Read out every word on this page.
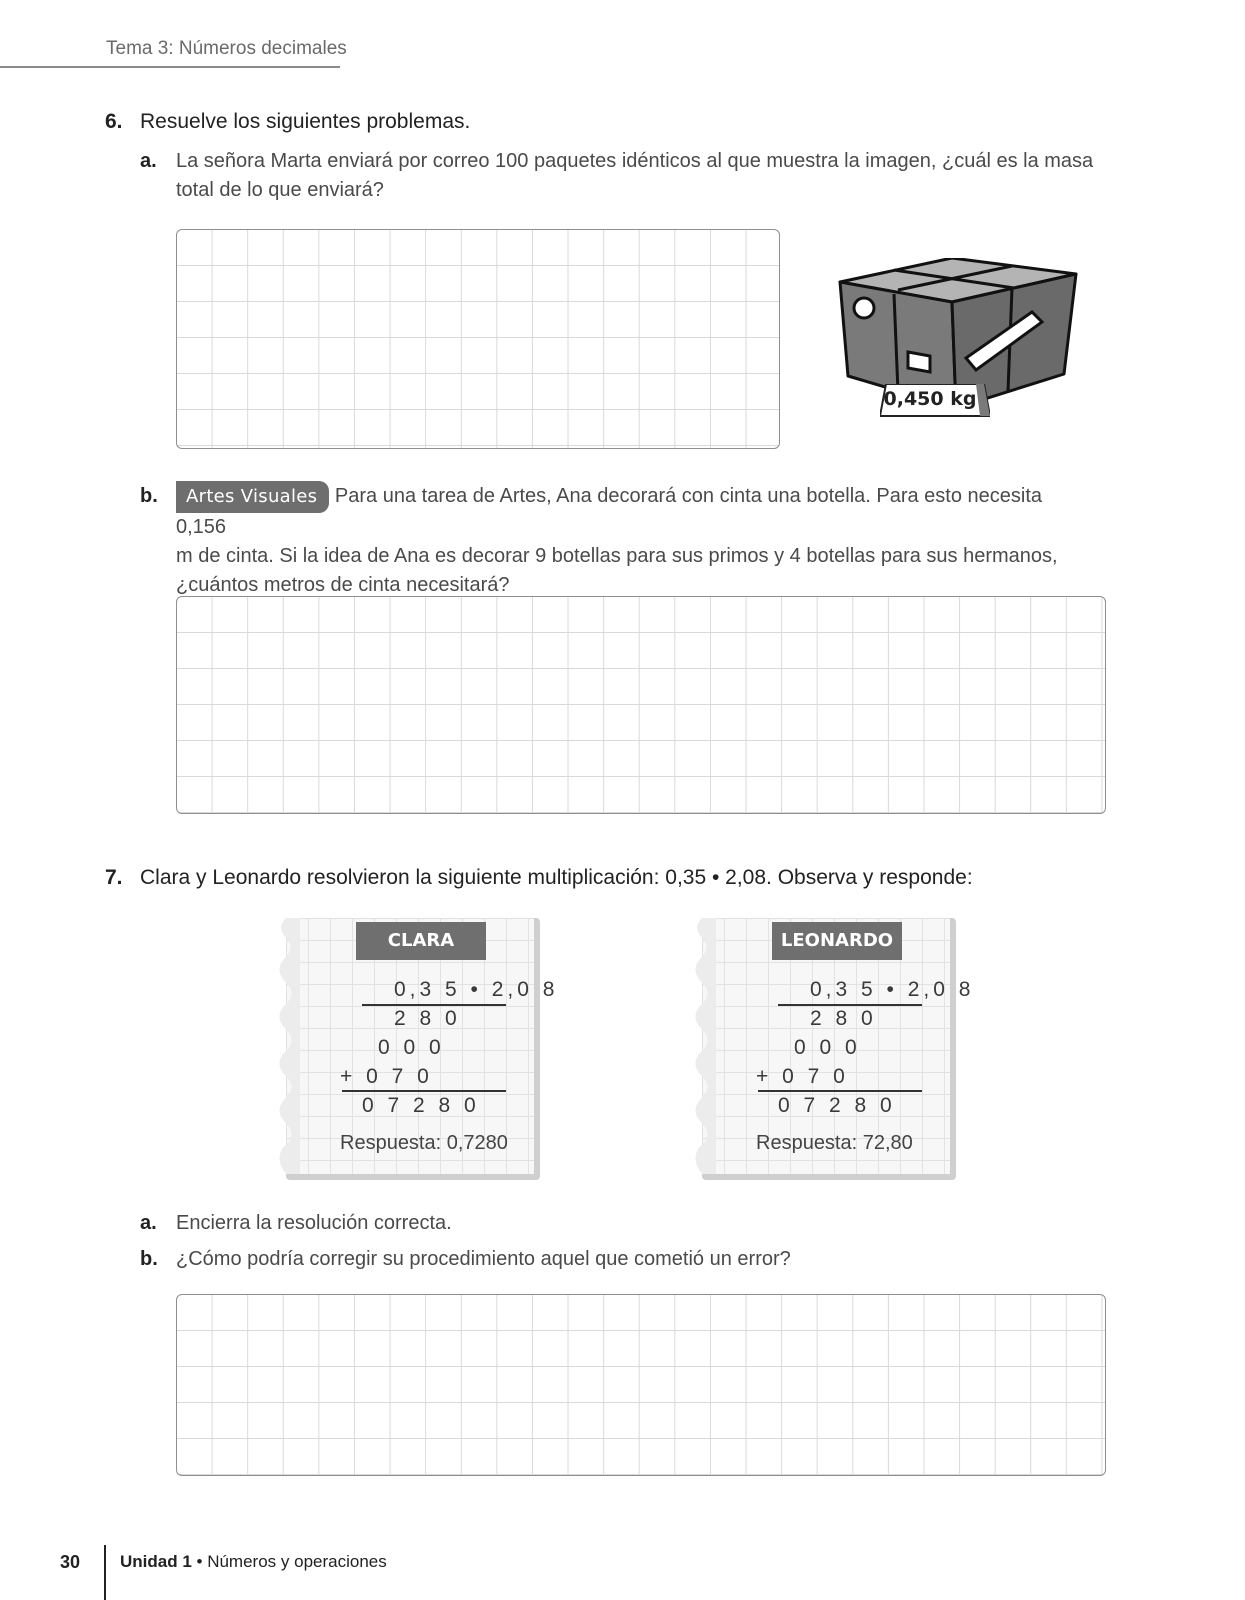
Tema 3: Números decimales
6. Resuelve los siguientes problemas.
a. La señora Marta enviará por correo 100 paquetes idénticos al que muestra la imagen, ¿cuál es la masa
total de lo que enviará?
0,450 kg
b.	Artes Visuales Para una tarea de Artes, Ana decorará con cinta una botella. Para esto necesita 0,156
m de cinta. Si la idea de Ana es decorar 9 botellas para sus primos y 4 botellas para sus hermanos,
¿cuántos metros de cinta necesitará?
7. Clara y Leonardo resolvieron la siguiente multiplicación: 0,35 • 2,08. Observa y responde:
CLARA
0,3 5 • 2,0 8
2 8 0
0 0 0
+ 0 7 0
0 7 2 8 0
Respuesta: 0,7280
LEONARDO
0,3 5 • 2,0 8
2 8 0
0 0 0
+ 0 7 0
0 7 2 8 0
Respuesta: 72,80
a. Encierra la resolución correcta.
b. ¿Cómo podría corregir su procedimiento aquel que cometió un error?
30 Unidad 1 • Números y operaciones
